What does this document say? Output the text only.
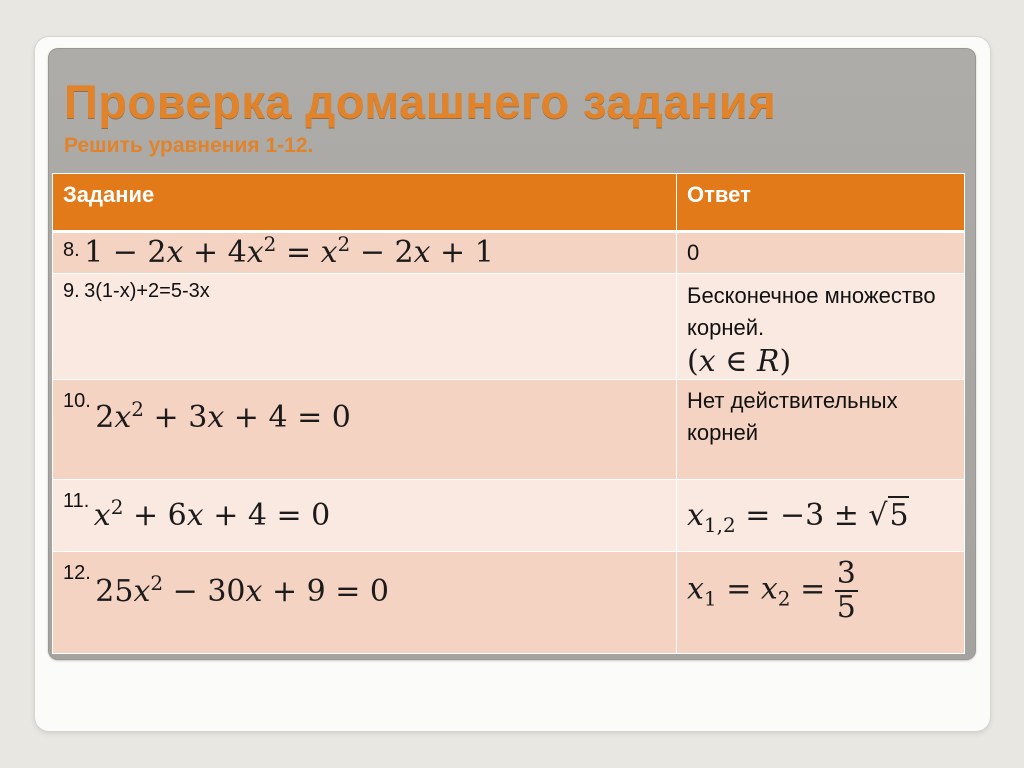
Проверка домашнего задания
Решить уравнения 1-12.
Задание	Ответ
8. $1 - 2x + 4x^2 = x^2 - 2x + 1$	0

9. 3(1-x)+2=5-3x	Бесконечное множество корней.
(x ∈ R)

10. $2x^2 + 3x + 4 = 0$	Нет действительных корней

11. $x^2 + 6x + 4 = 0$	$x_{1,2} = -3 \pm √5$

12. $25x^2 - 30x + 9 = 0$	$x_1 = x_2 = \frac{3}{5}$
